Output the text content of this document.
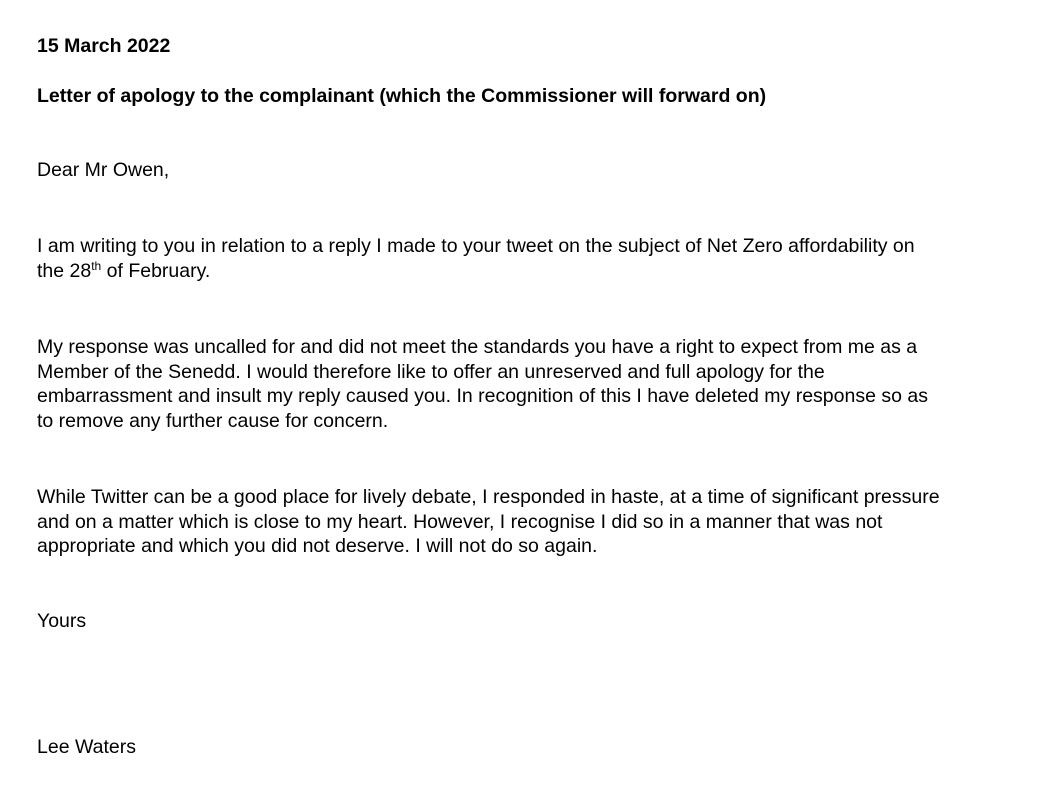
15 March 2022

Letter of apology to the complainant (which the Commissioner will forward on)

Dear Mr Owen,

I am writing to you in relation to a reply I made to your tweet on the subject of Net Zero affordability on
the 28th of February.
My response was uncalled for and did not meet the standards you have a right to expect from me as a
Member of the Senedd. I would therefore like to offer an unreserved and full apology for the
embarrassment and insult my reply caused you. In recognition of this I have deleted my response so as
to remove any further cause for concern.
While Twitter can be a good place for lively debate, I responded in haste, at a time of significant pressure
and on a matter which is close to my heart. However, I recognise I did so in a manner that was not
appropriate and which you did not deserve. I will not do so again.

Yours

Lee Waters
